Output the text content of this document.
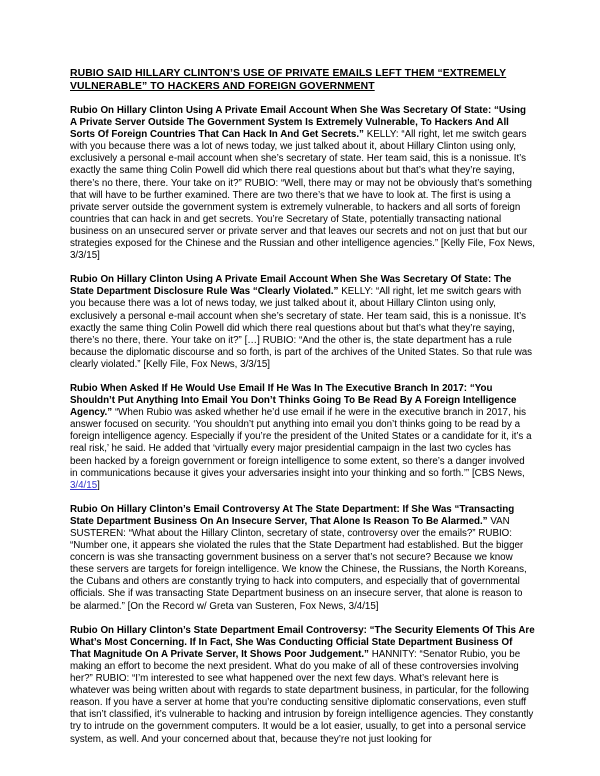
RUBIO SAID HILLARY CLINTON’S USE OF PRIVATE EMAILS LEFT THEM “EXTREMELY VULNERABLE” TO HACKERS AND FOREIGN GOVERNMENT

Rubio On Hillary Clinton Using A Private Email Account When She Was Secretary Of State: “Using A Private Server Outside The Government System Is Extremely Vulnerable, To Hackers And All Sorts Of Foreign Countries That Can Hack In And Get Secrets.” KELLY: “All right, let me switch gears with you because there was a lot of news today, we just talked about it, about Hillary Clinton using only, exclusively a personal e-mail account when she’s secretary of state. Her team said, this is a nonissue. It’s exactly the same thing Colin Powell did which there real questions about but that’s what they’re saying, there’s no there, there. Your take on it?” RUBIO: “Well, there may or may not be obviously that’s something that will have to be further examined. There are two there’s that we have to look at. The first is using a private server outside the government system is extremely vulnerable, to hackers and all sorts of foreign countries that can hack in and get secrets. You’re Secretary of State, potentially transacting national business on an unsecured server or private server and that leaves our secrets and not on just that but our strategies exposed for the Chinese and the Russian and other intelligence agencies.” [Kelly File, Fox News, 3/3/15]

Rubio On Hillary Clinton Using A Private Email Account When She Was Secretary Of State: The State Department Disclosure Rule Was “Clearly Violated.” KELLY: “All right, let me switch gears with you because there was a lot of news today, we just talked about it, about Hillary Clinton using only, exclusively a personal e-mail account when she’s secretary of state. Her team said, this is a nonissue. It’s exactly the same thing Colin Powell did which there real questions about but that’s what they’re saying, there’s no there, there. Your take on it?” […] RUBIO: “And the other is, the state department has a rule because the diplomatic discourse and so forth, is part of the archives of the United States. So that rule was clearly violated.” [Kelly File, Fox News, 3/3/15]

Rubio When Asked If He Would Use Email If He Was In The Executive Branch In 2017: “You Shouldn’t Put Anything Into Email You Don’t Thinks Going To Be Read By A Foreign Intelligence Agency.” “When Rubio was asked whether he’d use email if he were in the executive branch in 2017, his answer focused on security. ‘You shouldn’t put anything into email you don’t thinks going to be read by a foreign intelligence agency. Especially if you’re the president of the United States or a candidate for it, it’s a real risk,’ he said. He added that ‘virtually every major presidential campaign in the last two cycles has been hacked by a foreign government or foreign intelligence to some extent, so there’s a danger involved in communications because it gives your adversaries insight into your thinking and so forth.’” [CBS News, 3/4/15]

Rubio On Hillary Clinton’s Email Controversy At The State Department: If She Was “Transacting State Department Business On An Insecure Server, That Alone Is Reason To Be Alarmed.” VAN SUSTEREN: “What about the Hillary Clinton, secretary of state, controversy over the emails?” RUBIO: “Number one, it appears she violated the rules that the State Department had established. But the bigger concern is was she transacting government business on a server that’s not secure? Because we know these servers are targets for foreign intelligence. We know the Chinese, the Russians, the North Koreans, the Cubans and others are constantly trying to hack into computers, and especially that of governmental officials. She if was transacting State Department business on an insecure server, that alone is reason to be alarmed.” [On the Record w/ Greta van Susteren, Fox News, 3/4/15]

Rubio On Hillary Clinton’s State Department Email Controversy: “The Security Elements Of This Are What’s Most Concerning. If In Fact, She Was Conducting Official State Department Business Of That Magnitude On A Private Server, It Shows Poor Judgement.” HANNITY: “Senator Rubio, you be making an effort to become the next president. What do you make of all of these controversies involving her?” RUBIO: “I’m interested to see what happened over the next few days. What’s relevant here is whatever was being written about with regards to state department business, in particular, for the following reason. If you have a server at home that you’re conducting sensitive diplomatic conservations, even stuff that isn’t classified, it’s vulnerable to hacking and intrusion by foreign intelligence agencies. They constantly try to intrude on the government computers. It would be a lot easier, usually, to get into a personal service system, as well. And your concerned about that, because they’re not just looking for
